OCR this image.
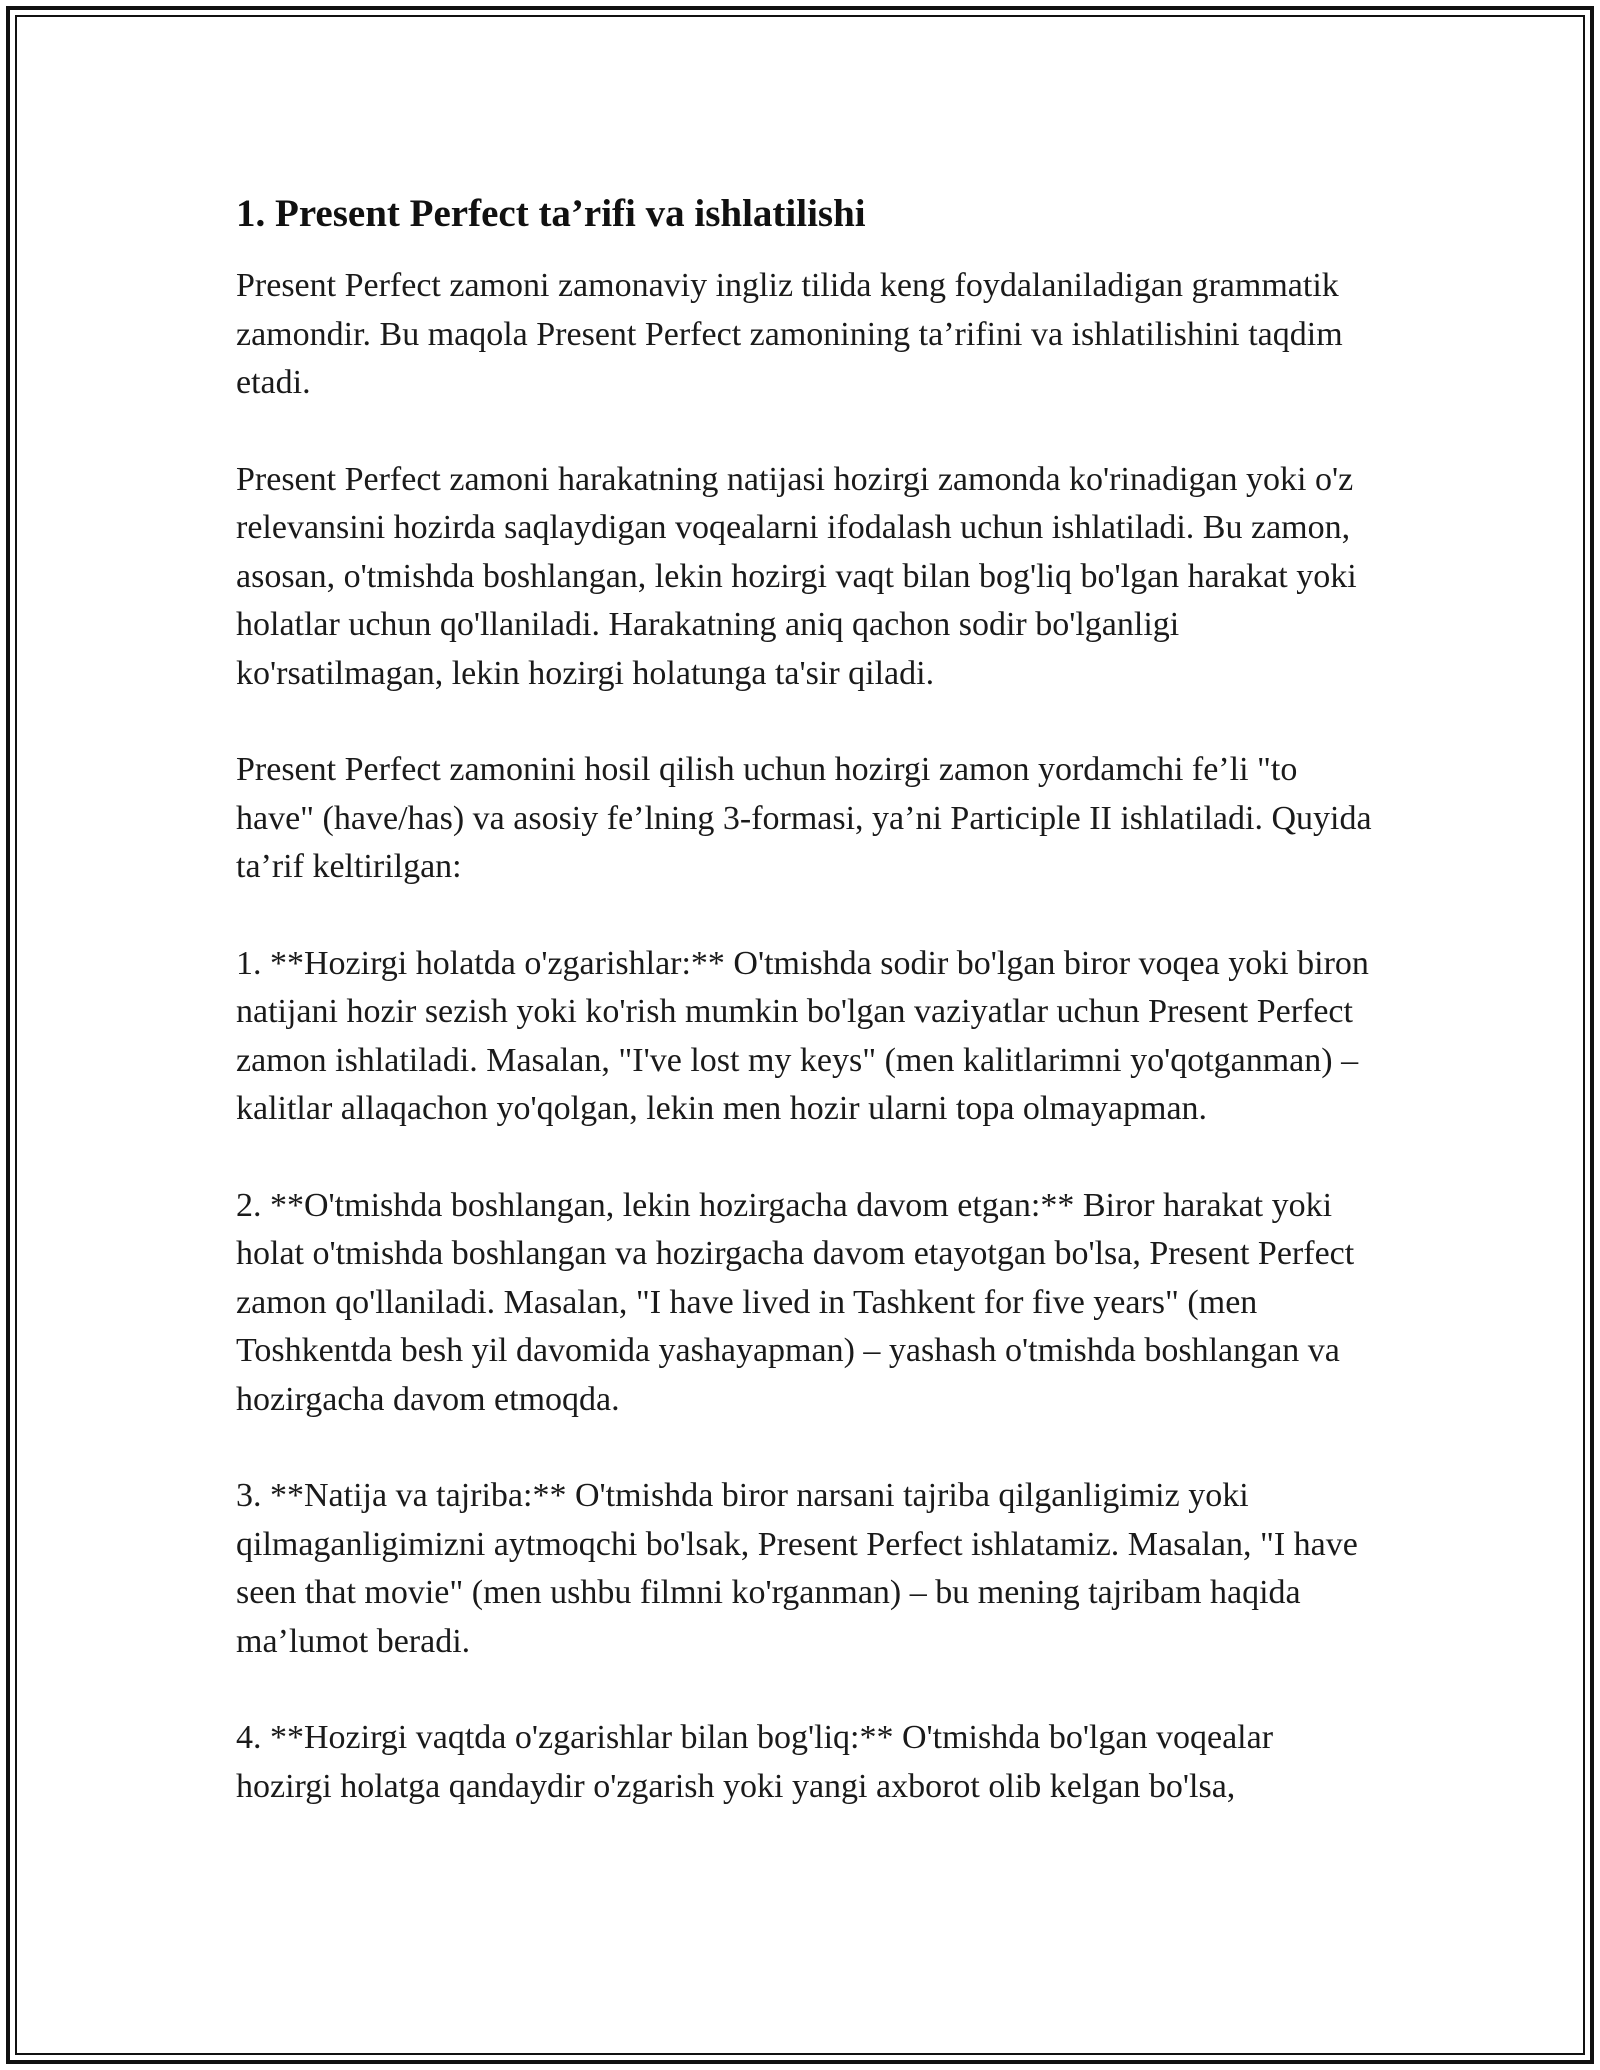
1. Present Perfect ta’rifi va ishlatilishi

Present Perfect zamoni zamonaviy ingliz tilida keng foydalaniladigan grammatik zamondir. Bu maqola Present Perfect zamonining ta’rifini va ishlatilishini taqdim etadi.

Present Perfect zamoni harakatning natijasi hozirgi zamonda ko'rinadigan yoki o'z relevansini hozirda saqlaydigan voqealarni ifodalash uchun ishlatiladi. Bu zamon, asosan, o'tmishda boshlangan, lekin hozirgi vaqt bilan bog'liq bo'lgan harakat yoki holatlar uchun qo'llaniladi. Harakatning aniq qachon sodir bo'lganligi ko'rsatilmagan, lekin hozirgi holatunga ta'sir qiladi.

Present Perfect zamonini hosil qilish uchun hozirgi zamon yordamchi fe’li "to have" (have/has) va asosiy fe’lning 3-formasi, ya’ni Participle II ishlatiladi. Quyida ta’rif keltirilgan:

1. **Hozirgi holatda o'zgarishlar:** O'tmishda sodir bo'lgan biror voqea yoki biron natijani hozir sezish yoki ko'rish mumkin bo'lgan vaziyatlar uchun Present Perfect zamon ishlatiladi. Masalan, "I've lost my keys" (men kalitlarimni yo'qotganman) – kalitlar allaqachon yo'qolgan, lekin men hozir ularni topa olmayapman.

2. **O'tmishda boshlangan, lekin hozirgacha davom etgan:** Biror harakat yoki holat o'tmishda boshlangan va hozirgacha davom etayotgan bo'lsa, Present Perfect zamon qo'llaniladi. Masalan, "I have lived in Tashkent for five years" (men Toshkentda besh yil davomida yashayapman) – yashash o'tmishda boshlangan va hozirgacha davom etmoqda.

3. **Natija va tajriba:** O'tmishda biror narsani tajriba qilganligimiz yoki qilmaganligimizni aytmoqchi bo'lsak, Present Perfect ishlatamiz. Masalan, "I have seen that movie" (men ushbu filmni ko'rganman) – bu mening tajribam haqida ma’lumot beradi.

4. **Hozirgi vaqtda o'zgarishlar bilan bog'liq:** O'tmishda bo'lgan voqealar hozirgi holatga qandaydir o'zgarish yoki yangi axborot olib kelgan bo'lsa,
